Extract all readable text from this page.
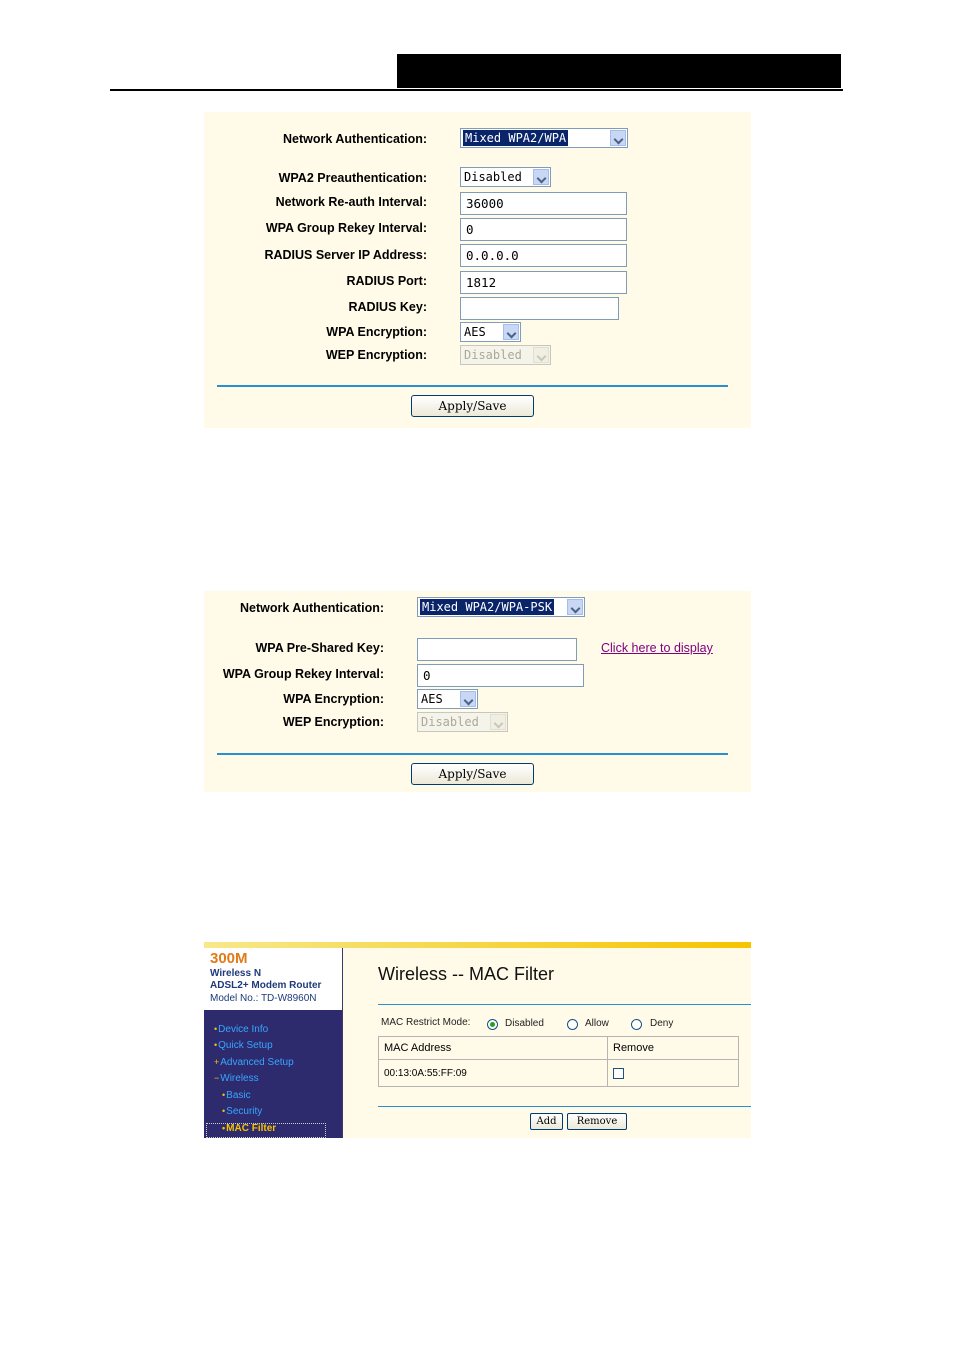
Network Authentication:	Mixed WPA2/WPA
WPA2 Preauthentication:	Disabled
Network Re-auth Interval:	36000
WPA Group Rekey Interval:	0
RADIUS Server IP Address:	0.0.0.0
RADIUS Port:	1812
RADIUS Key:
WPA Encryption:	AES
WEP Encryption:	Disabled
Apply/Save
Network Authentication:	Mixed WPA2/WPA-PSK
WPA Pre-Shared Key:	Click here to display
WPA Group Rekey Interval:	0
WPA Encryption:	AES
WEP Encryption:	Disabled
Apply/Save
300M
Wireless N
ADSL2+ Modem Router
Model No.: TD-W8960N
•Device Info
•Quick Setup
+Advanced Setup
−Wireless
•Basic
•Security
•MAC Filter
Wireless -- MAC Filter
MAC Restrict Mode:	Disabled	Allow	Deny
MAC Address	Remove
00:13:0A:55:FF:09	
Add	Remove
